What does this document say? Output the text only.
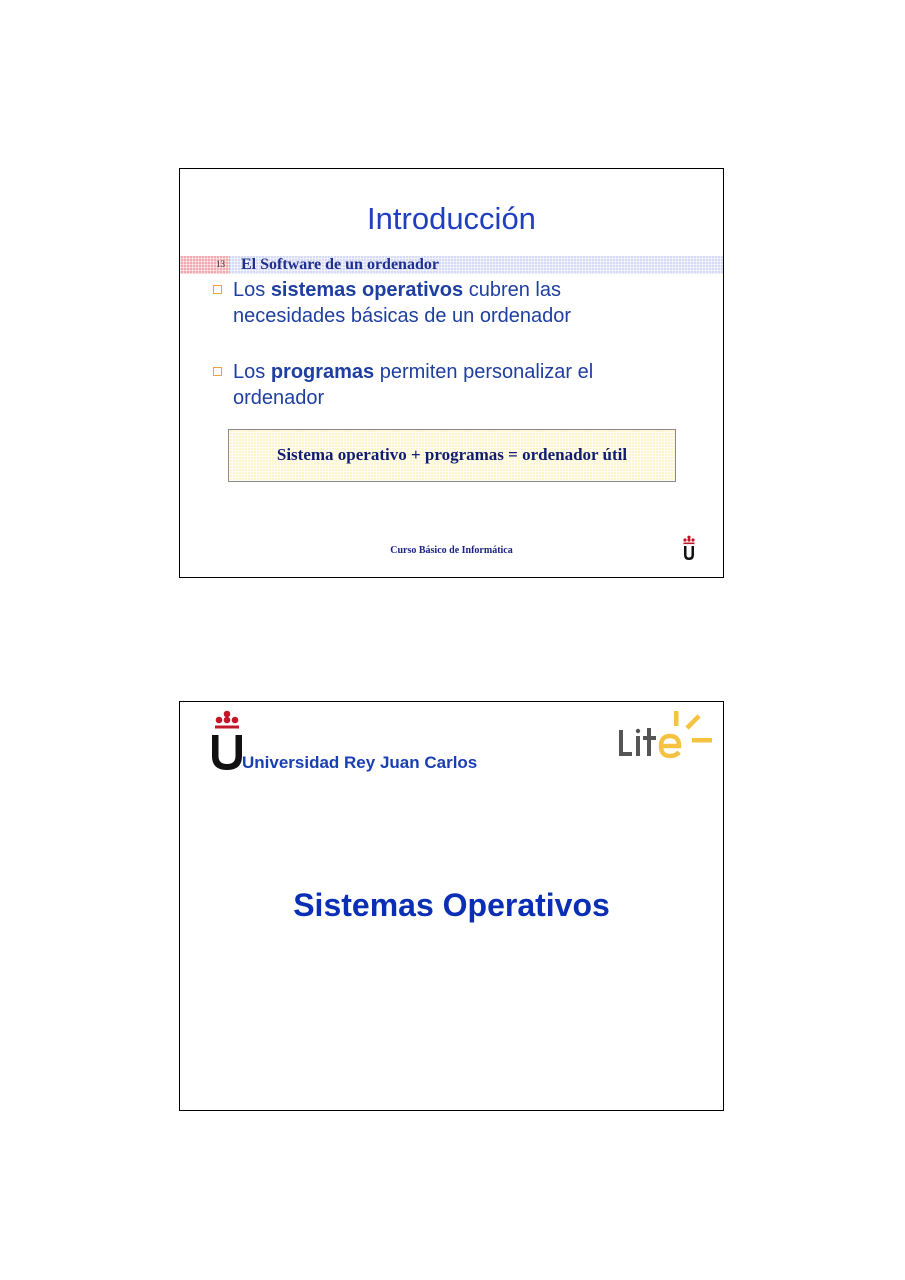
Introducción
13 El Software de un ordenador
Los sistemas operativos cubren las necesidades básicas de un ordenador
Los programas permiten personalizar el ordenador
Sistema operativo + programas = ordenador útil
Curso Básico de Informática
Universidad Rey Juan Carlos
Sistemas Operativos
